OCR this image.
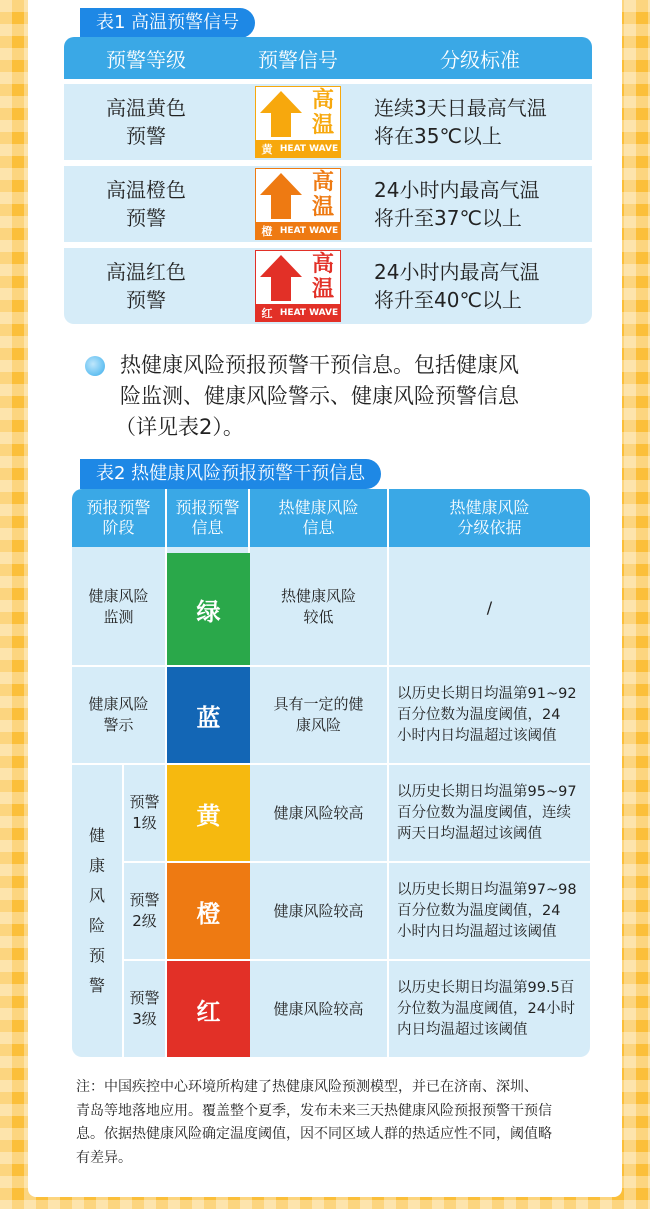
表1 高温预警信号
预警等级	预警信号	分级标准
高温黄色
预警
高温
黄 HEAT WAVE
连续3天日最高气温
将在35℃以上
高温橙色
预警
高温
橙 HEAT WAVE
24小时内最高气温
将升至37℃以上
高温红色
预警
高温
红 HEAT WAVE
24小时内最高气温
将升至40℃以上
热健康风险预报预警干预信息。包括健康风
险监测、健康风险警示、健康风险预警信息
（详见表2）。
表2 热健康风险预报预警干预信息
预报预警
阶段
预报预警
信息
热健康风险
信息
热健康风险
分级依据
健康风险
监测
健康风险
警示
健
康
风
险
预
警
预警
1级
预警
2级
预警
3级
绿
蓝
黄
橙
红
热健康风险
较低
具有一定的健
康风险
健康风险较高
健康风险较高
健康风险较高
/
以历史长期日均温第91~92
百分位数为温度阈值，24
小时内日均温超过该阈值
以历史长期日均温第95~97
百分位数为温度阈值，连续
两天日均温超过该阈值
以历史长期日均温第97~98
百分位数为温度阈值，24
小时内日均温超过该阈值
以历史长期日均温第99.5百
分位数为温度阈值，24小时
内日均温超过该阈值
注：中国疾控中心环境所构建了热健康风险预测模型，并已在济南、深圳、
青岛等地落地应用。覆盖整个夏季，发布未来三天热健康风险预报预警干预信
息。依据热健康风险确定温度阈值，因不同区域人群的热适应性不同，阈值略
有差异。
